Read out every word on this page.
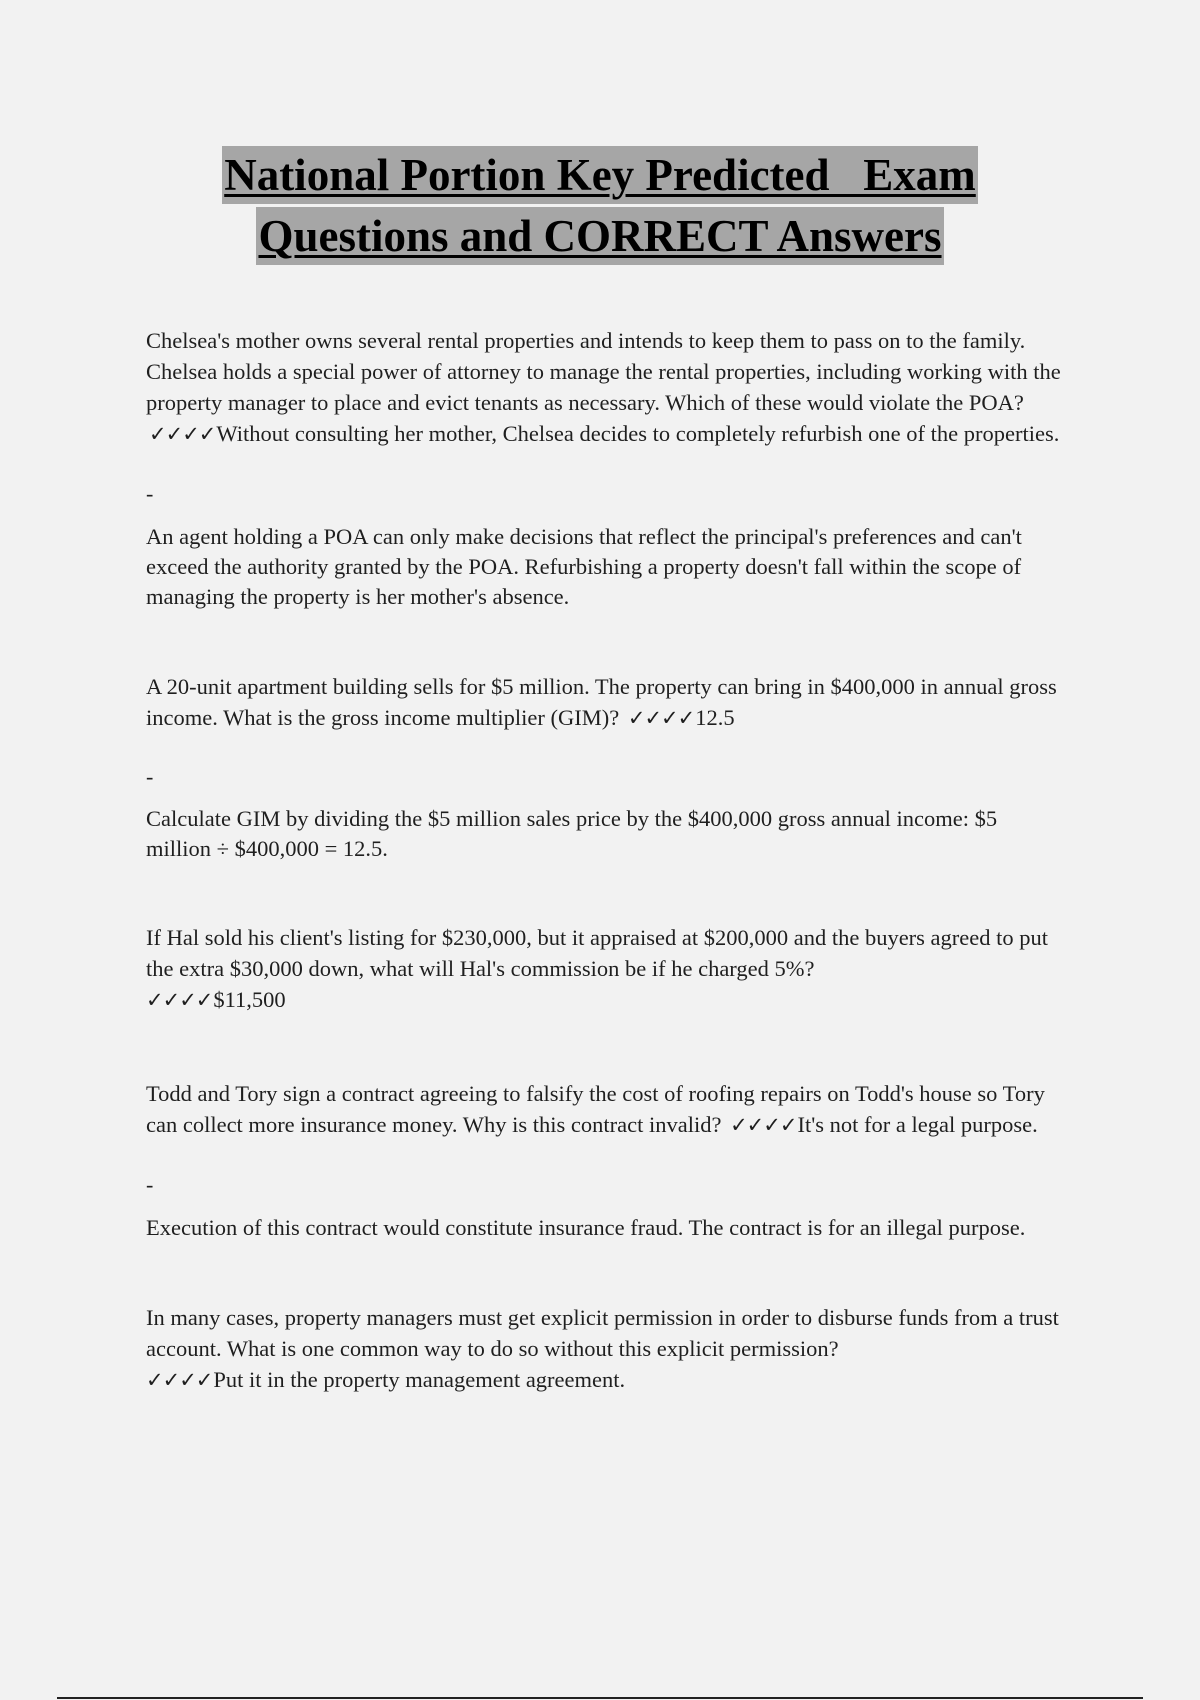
National Portion Key Predicted   Exam
Questions and CORRECT Answers

Chelsea's mother owns several rental properties and intends to keep them to pass on to the family. Chelsea holds a special power of attorney to manage the rental properties, including working with the property manager to place and evict tenants as necessary. Which of these would violate the POA? ✓✓✓✓Without consulting her mother, Chelsea decides to completely refurbish one of the properties.

-

An agent holding a POA can only make decisions that reflect the principal's preferences and can't exceed the authority granted by the POA. Refurbishing a property doesn't fall within the scope of managing the property is her mother's absence.

A 20-unit apartment building sells for $5 million. The property can bring in $400,000 in annual gross income. What is the gross income multiplier (GIM)? ✓✓✓✓12.5

-

Calculate GIM by dividing the $5 million sales price by the $400,000 gross annual income: $5 million ÷ $400,000 = 12.5.

If Hal sold his client's listing for $230,000, but it appraised at $200,000 and the buyers agreed to put the extra $30,000 down, what will Hal's commission be if he charged 5%?
✓✓✓✓$11,500

Todd and Tory sign a contract agreeing to falsify the cost of roofing repairs on Todd's house so Tory can collect more insurance money. Why is this contract invalid? ✓✓✓✓It's not for a legal purpose.

-

Execution of this contract would constitute insurance fraud. The contract is for an illegal purpose.

In many cases, property managers must get explicit permission in order to disburse funds from a trust account. What is one common way to do so without this explicit permission?
✓✓✓✓Put it in the property management agreement.
